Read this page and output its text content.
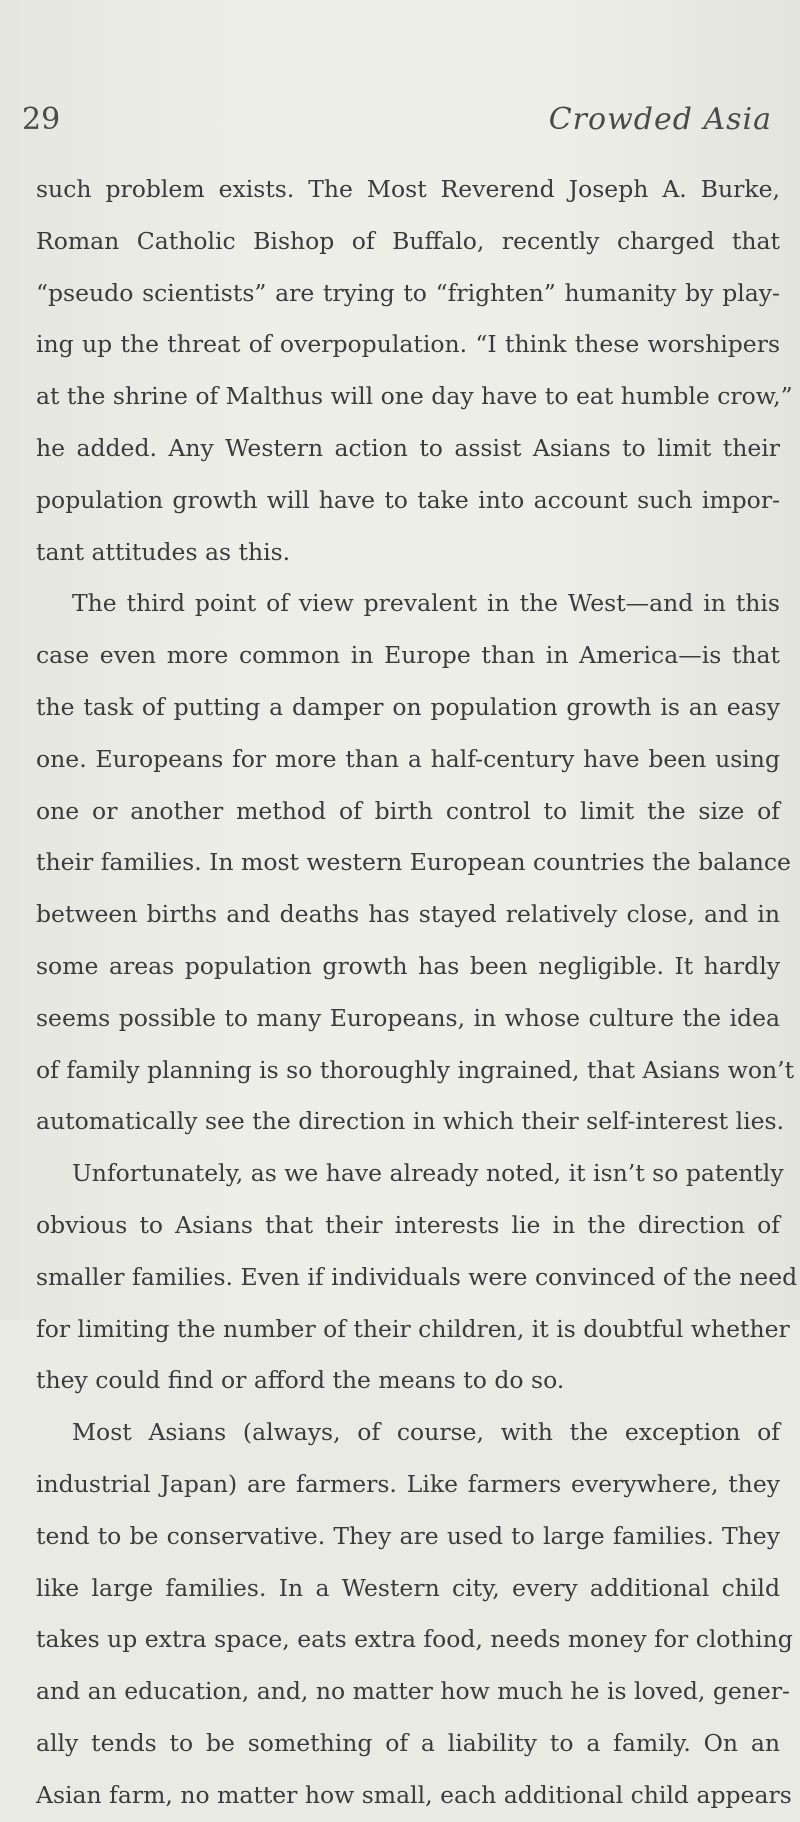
29	Crowded Asia
such problem exists. The Most Reverend Joseph A. Burke,
Roman Catholic Bishop of Buffalo, recently charged that
“pseudo scientists” are trying to “frighten” humanity by play-
ing up the threat of overpopulation. “I think these worshipers
at the shrine of Malthus will one day have to eat humble crow,”
he added. Any Western action to assist Asians to limit their
population growth will have to take into account such impor-
tant attitudes as this.
The third point of view prevalent in the West—and in this
case even more common in Europe than in America—is that
the task of putting a damper on population growth is an easy
one. Europeans for more than a half-century have been using
one or another method of birth control to limit the size of
their families. In most western European countries the balance
between births and deaths has stayed relatively close, and in
some areas population growth has been negligible. It hardly
seems possible to many Europeans, in whose culture the idea
of family planning is so thoroughly ingrained, that Asians won’t
automatically see the direction in which their self-interest lies.
Unfortunately, as we have already noted, it isn’t so patently
obvious to Asians that their interests lie in the direction of
smaller families. Even if individuals were convinced of the need
for limiting the number of their children, it is doubtful whether
they could find or afford the means to do so.
Most Asians (always, of course, with the exception of
industrial Japan) are farmers. Like farmers everywhere, they
tend to be conservative. They are used to large families. They
like large families. In a Western city, every additional child
takes up extra space, eats extra food, needs money for clothing
and an education, and, no matter how much he is loved, gener-
ally tends to be something of a liability to a family. On an
Asian farm, no matter how small, each additional child appears
